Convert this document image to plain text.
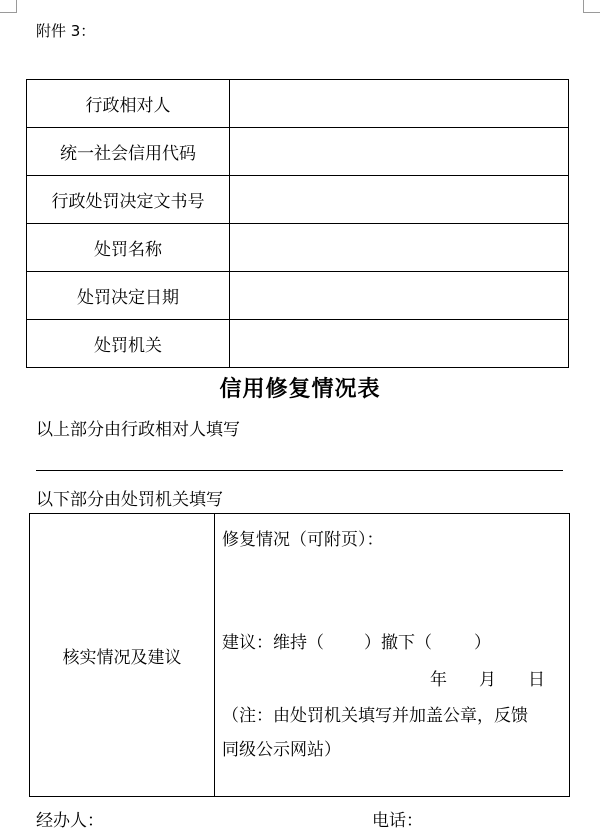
附件 3：
行政相对人	
统一社会信用代码	
行政处罚决定文书号	
处罚名称	
处罚决定日期	
处罚机关	
信用修复情况表
以上部分由行政相对人填写
以下部分由处罚机关填写
核实情况及建议
修复情况（可附页）：
建议：维持（ ）撤下（ ）
年 月 日
（注：由处罚机关填写并加盖公章，反馈
同级公示网站）
经办人：	电话：
